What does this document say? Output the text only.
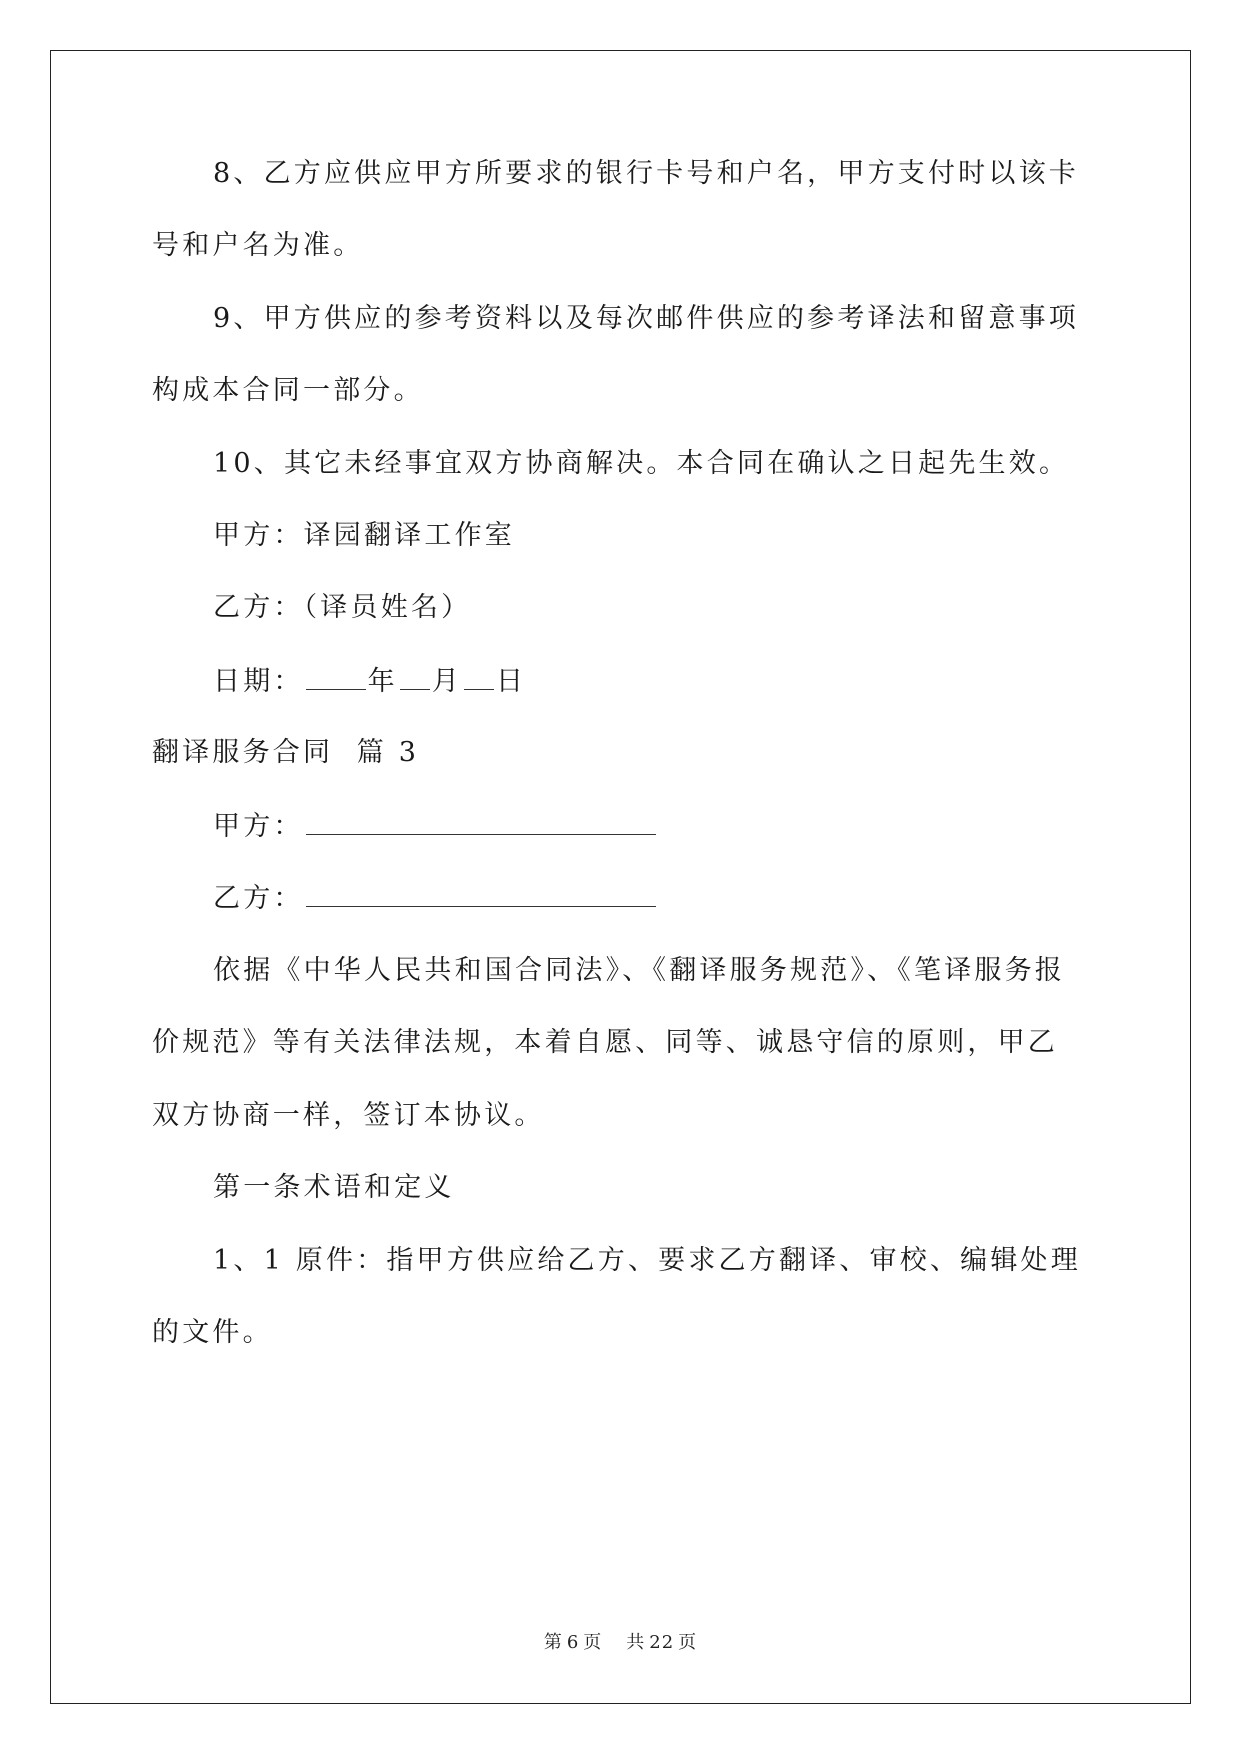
8、乙方应供应甲方所要求的银行卡号和户名，甲方支付时以该卡
号和户名为准。
9、甲方供应的参考资料以及每次邮件供应的参考译法和留意事项
构成本合同一部分。
10、其它未经事宜双方协商解决。本合同在确认之日起先生效。
甲方：译园翻译工作室
乙方：（译员姓名）
日期： 年 月 日
翻译服务合同  篇 3
甲方：
乙方：
依据《中华人民共和国合同法》、《翻译服务规范》、《笔译服务报
价规范》等有关法律法规，本着自愿、同等、诚恳守信的原则，甲乙
双方协商一样，签订本协议。
第一条术语和定义
1、1 原件：指甲方供应给乙方、要求乙方翻译、审校、编辑处理
的文件。
第 6 页 共 22 页
